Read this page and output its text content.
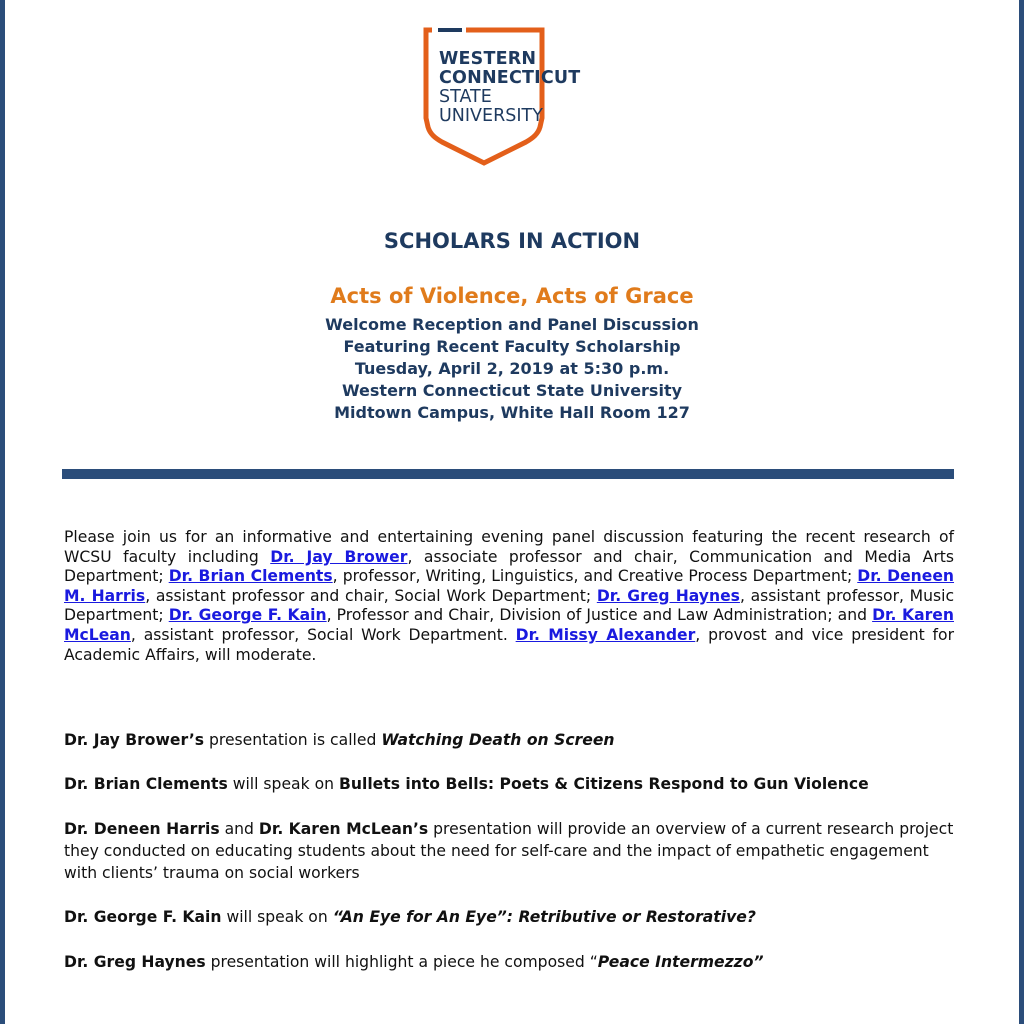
WESTERN
CONNECTICUT
STATE
UNIVERSITY
SCHOLARS IN ACTION
Acts of Violence, Acts of Grace
Welcome Reception and Panel Discussion
Featuring Recent Faculty Scholarship
Tuesday, April 2, 2019 at 5:30 p.m.
Western Connecticut State University
Midtown Campus, White Hall Room 127
Please join us for an informative and entertaining evening panel discussion featuring the recent research of WCSU faculty including Dr. Jay Brower, associate professor and chair, Communication and Media Arts Department; Dr. Brian Clements, professor, Writing, Linguistics, and Creative Process Department; Dr. Deneen M. Harris, assistant professor and chair, Social Work Department; Dr. Greg Haynes, assistant professor, Music Department; Dr. George F. Kain, Professor and Chair, Division of Justice and Law Administration; and Dr. Karen McLean, assistant professor, Social Work Department. Dr. Missy Alexander, provost and vice president for Academic Affairs, will moderate.
Dr. Jay Brower’s presentation is called Watching Death on Screen
Dr. Brian Clements will speak on Bullets into Bells: Poets & Citizens Respond to Gun Violence
Dr. Deneen Harris and Dr. Karen McLean’s presentation will provide an overview of a current research project they conducted on educating students about the need for self-care and the impact of empathetic engagement with clients’ trauma on social workers
Dr. George F. Kain will speak on “An Eye for An Eye”: Retributive or Restorative?
Dr. Greg Haynes presentation will highlight a piece he composed “Peace Intermezzo”
